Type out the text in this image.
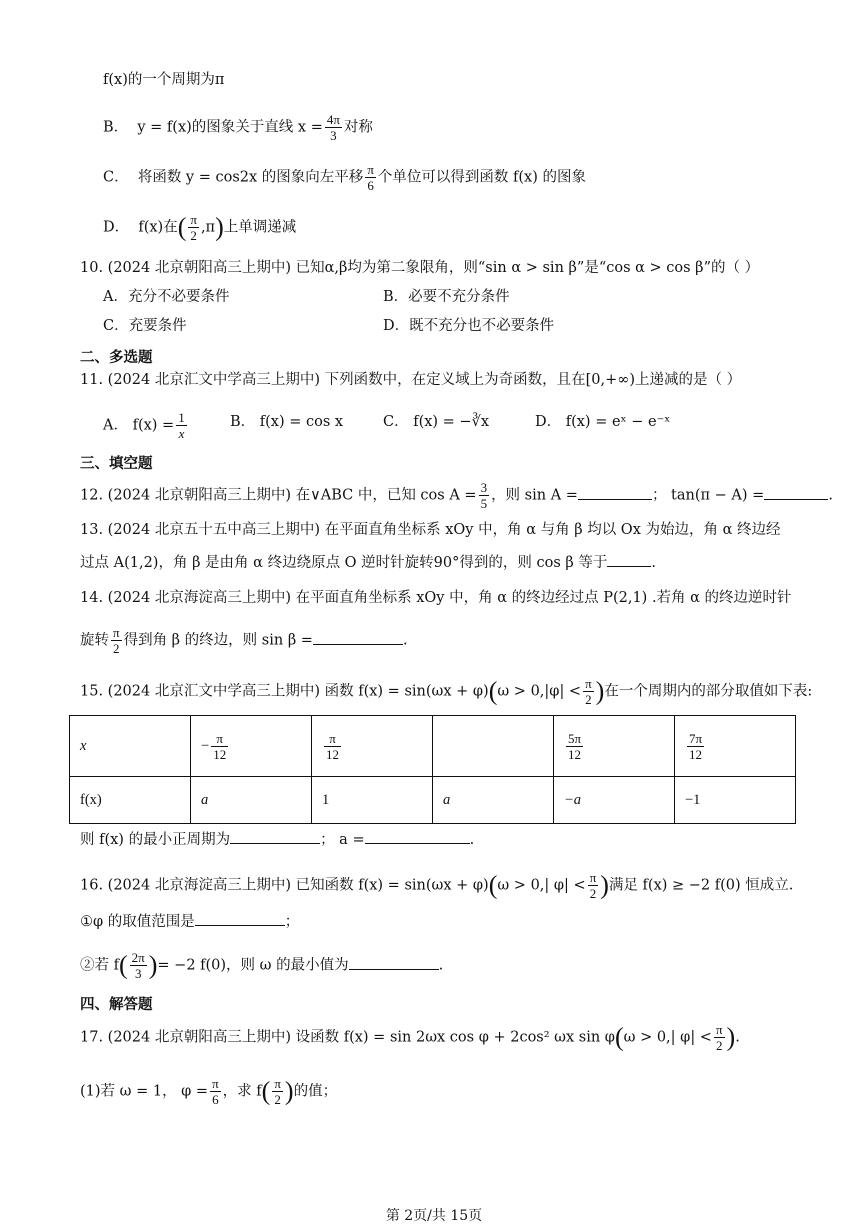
f(x)的一个周期为π
B．  y = f(x)的图象关于直线 $x = \frac{4\pi}{3}$ 对称
C．  将函数 y = cos2x 的图象向左平移 $\frac{\pi}{6}$ 个单位可以得到函数 f(x) 的图象
D．  f(x)在( $\frac{\pi}{2} ,\pi$)上单调递减
10. (2024 北京朝阳高三上期中) 已知α,β均为第二象限角，则“sin α > sin β”是“cos α > cos β”的（ ）
A．充分不必要条件	B．必要不充分条件
C．充要条件	D．既不充分也不必要条件
二、多选题
11. (2024 北京汇文中学高三上期中) 下列函数中，在定义域上为奇函数，且在[0,+∞)上递减的是（ ）
A． $f(x) = \frac{1}{x}$	B． f(x) = cos x	C． f(x) = −∛x	D． f(x) = eˣ − e⁻ˣ
三、填空题
12. (2024 北京朝阳高三上期中) 在∨ABC 中，已知 $\cos A = \frac{3}{5}$ ，则 sin A =	； tan(π − A) =	.
13. (2024 北京五十五中高三上期中) 在平面直角坐标系 xOy 中，角 α 与角 β 均以 Ox 为始边，角 α 终边经
过点 A(1,2)，角 β 是由角 α 终边绕原点 O 逆时针旋转90°得到的，则 cos β 等于	.
14. (2024 北京海淀高三上期中) 在平面直角坐标系 xOy 中，角 α 的终边经过点 P(2,1) .若角 α 的终边逆时针
旋转 $\frac{\pi}{2}$ 得到角 β 的终边，则 sin β =	.
15. (2024 北京汇文中学高三上期中) 函数 $f(x) = \sin(\omega x + \varphi)(\omega > 0,|\varphi| < \frac{\pi}{2}$ )在一个周期内的部分取值如下表:
x	− $\frac{\pi}{12}$	$\frac{\pi}{12}$		$\frac{5\pi}{12}$	$\frac{7\pi}{12}$

f(x)	a	1	a	−a	−1
则 f(x) 的最小正周期为	； a =	.
16. (2024 北京海淀高三上期中) 已知函数 f(x) = sin(ωx + φ)(ω > 0,| $\varphi| < \frac{\pi}{2}$ )满足 f(x) ≥ −2 f(0) 恒成立.
①φ 的取值范围是	；
②若 $f( \frac{2\pi}{3}$ )= −2 f(0)，则 ω 的最小值为	.
四、解答题
17. (2024 北京朝阳高三上期中) 设函数 f(x) = sin 2ωx cos φ + 2cos² ωx sin φ(ω > 0,| $\varphi| < \frac{\pi}{2}$ ).
(1)若 ω = 1， $\varphi = \frac{\pi}{6}$ ，求 $f( \frac{\pi}{2}$ )的值；
第 2页/共 15页
